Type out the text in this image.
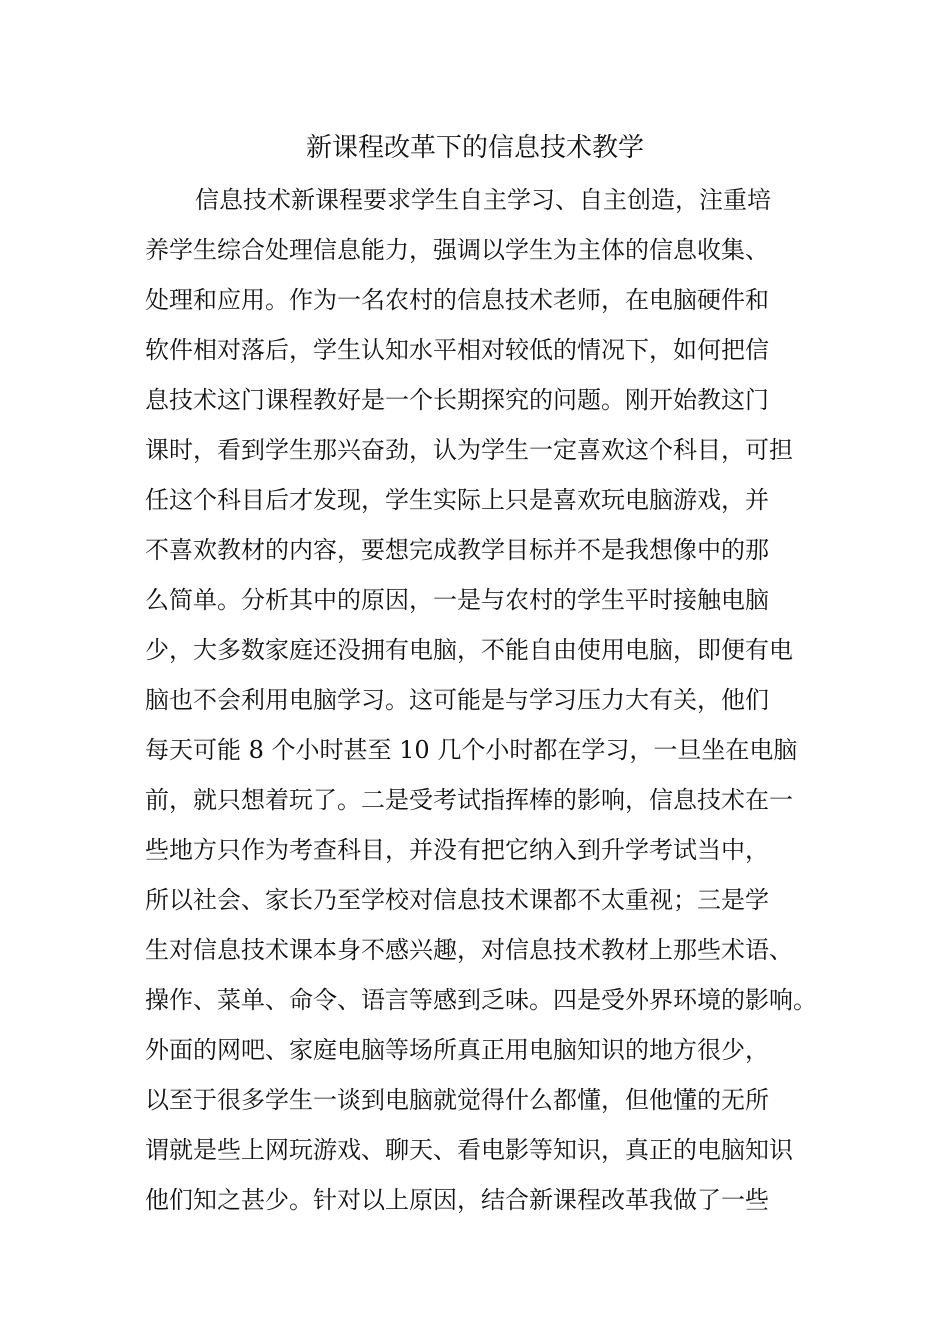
新课程改革下的信息技术教学
信息技术新课程要求学生自主学习、自主创造，注重培
养学生综合处理信息能力，强调以学生为主体的信息收集、
处理和应用。作为一名农村的信息技术老师，在电脑硬件和
软件相对落后，学生认知水平相对较低的情况下，如何把信
息技术这门课程教好是一个长期探究的问题。刚开始教这门
课时，看到学生那兴奋劲，认为学生一定喜欢这个科目，可担
任这个科目后才发现，学生实际上只是喜欢玩电脑游戏，并
不喜欢教材的内容，要想完成教学目标并不是我想像中的那
么简单。分析其中的原因，一是与农村的学生平时接触电脑
少，大多数家庭还没拥有电脑，不能自由使用电脑，即便有电
脑也不会利用电脑学习。这可能是与学习压力大有关，他们
每天可能 8 个小时甚至 10 几个小时都在学习，一旦坐在电脑
前，就只想着玩了。二是受考试指挥棒的影响，信息技术在一
些地方只作为考查科目，并没有把它纳入到升学考试当中，
所以社会、家长乃至学校对信息技术课都不太重视；三是学
生对信息技术课本身不感兴趣，对信息技术教材上那些术语、
操作、菜单、命令、语言等感到乏味。四是受外界环境的影响。
外面的网吧、家庭电脑等场所真正用电脑知识的地方很少，
以至于很多学生一谈到电脑就觉得什么都懂，但他懂的无所
谓就是些上网玩游戏、聊天、看电影等知识，真正的电脑知识
他们知之甚少。针对以上原因，结合新课程改革我做了一些
